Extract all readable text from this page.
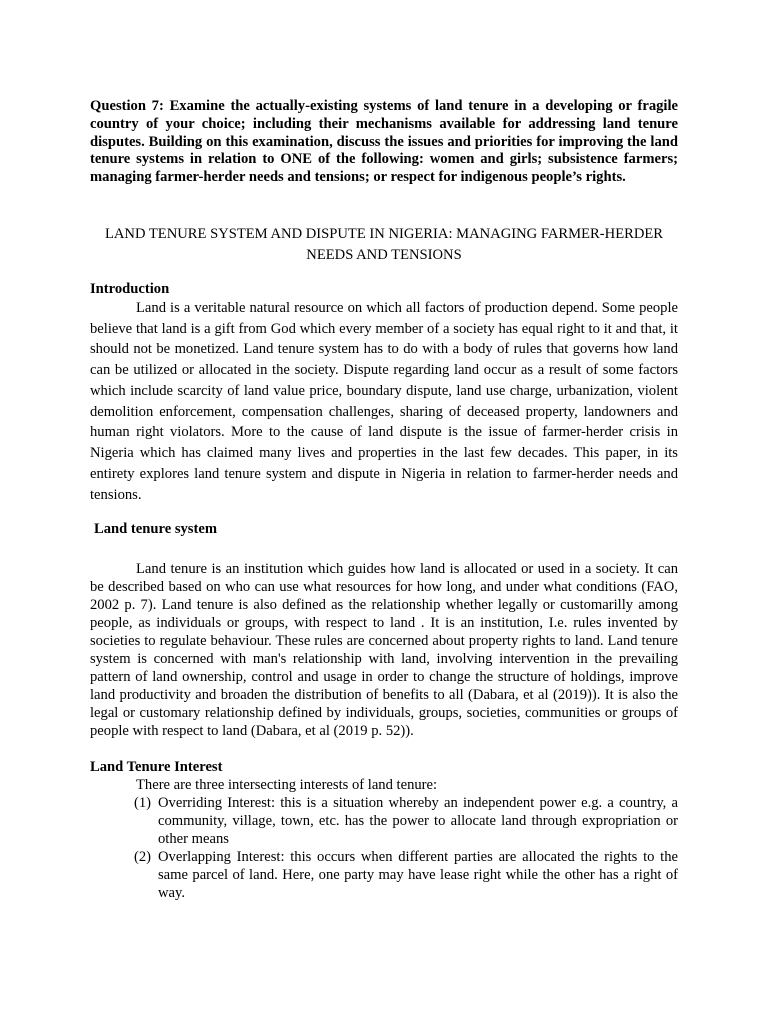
Question 7: Examine the actually-existing systems of land tenure in a developing or fragile country of your choice; including their mechanisms available for addressing land tenure disputes. Building on this examination, discuss the issues and priorities for improving the land tenure systems in relation to ONE of the following: women and girls; subsistence farmers; managing farmer-herder needs and tensions; or respect for indigenous people’s rights.

LAND TENURE SYSTEM AND DISPUTE IN NIGERIA: MANAGING FARMER-HERDER NEEDS AND TENSIONS
Introduction

Land is a veritable natural resource on which all factors of production depend. Some people believe that land is a gift from God which every member of a society has equal right to it and that, it should not be monetized. Land tenure system has to do with a body of rules that governs how land can be utilized or allocated in the society. Dispute regarding land occur as a result of some factors which include scarcity of land value price, boundary dispute, land use charge, urbanization, violent demolition enforcement, compensation challenges, sharing of deceased property, landowners and human right violators. More to the cause of land dispute is the issue of farmer-herder crisis in Nigeria which has claimed many lives and properties in the last few decades. This paper, in its entirety explores land tenure system and dispute in Nigeria in relation to farmer-herder needs and tensions.

Land tenure system

Land tenure is an institution which guides how land is allocated or used in a society. It can be described based on who can use what resources for how long, and under what conditions (FAO, 2002 p. 7). Land tenure is also defined as the relationship whether legally or customarilly among people, as individuals or groups, with respect to land . It is an institution, I.e. rules invented by societies to regulate behaviour. These rules are concerned about property rights to land. Land tenure system is concerned with man's relationship with land, involving intervention in the prevailing pattern of land ownership, control and usage in order to change the structure of holdings, improve land productivity and broaden the distribution of benefits to all (Dabara, et al (2019)). It is also the legal or customary relationship defined by individuals, groups, societies, communities or groups of people with respect to land (Dabara, et al (2019 p. 52)).

Land Tenure Interest

There are three intersecting interests of land tenure:

(1) Overriding Interest: this is a situation whereby an independent power e.g. a country, a community, village, town, etc. has the power to allocate land through expropriation or other means
(2) Overlapping Interest: this occurs when different parties are allocated the rights to the same parcel of land. Here, one party may have lease right while the other has a right of way.
